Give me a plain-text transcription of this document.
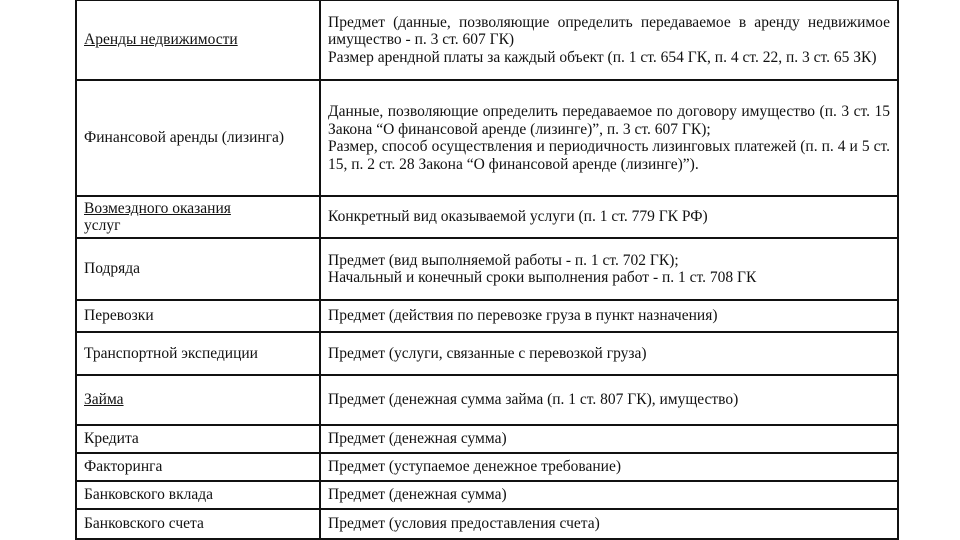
Аренды недвижимости	Предмет (данные, позволяющие определить передаваемое в аренду недвижимое имущество - п. 3 ст. 607 ГК)
Размер арендной платы за каждый объект (п. 1 ст. 654 ГК, п. 4 ст. 22, п. 3 ст. 65 ЗК)

Финансовой аренды (лизинга)	Данные, позволяющие определить передаваемое по договору имущество (п. 3 ст. 15 Закона “О финансовой аренде (лизинге)”, п. 3 ст. 607 ГК);
Размер, способ осуществления и периодичность лизинговых платежей (п. п. 4 и 5 ст. 15, п. 2 ст. 28 Закона “О финансовой аренде (лизинге)”).

Возмездного оказания
услуг	Конкретный вид оказываемой услуги (п. 1 ст. 779 ГК РФ)

Подряда	Предмет (вид выполняемой работы - п. 1 ст. 702 ГК);
Начальный и конечный сроки выполнения работ - п. 1 ст. 708 ГК

Перевозки	Предмет (действия по перевозке груза в пункт назначения)

Транспортной экспедиции	Предмет (услуги, связанные с перевозкой груза)

Займа	Предмет (денежная сумма займа (п. 1 ст. 807 ГК), имущество)

Кредита	Предмет (денежная сумма)

Факторинга	Предмет (уступаемое денежное требование)

Банковского вклада	Предмет (денежная сумма)

Банковского счета	Предмет (условия предоставления счета)
